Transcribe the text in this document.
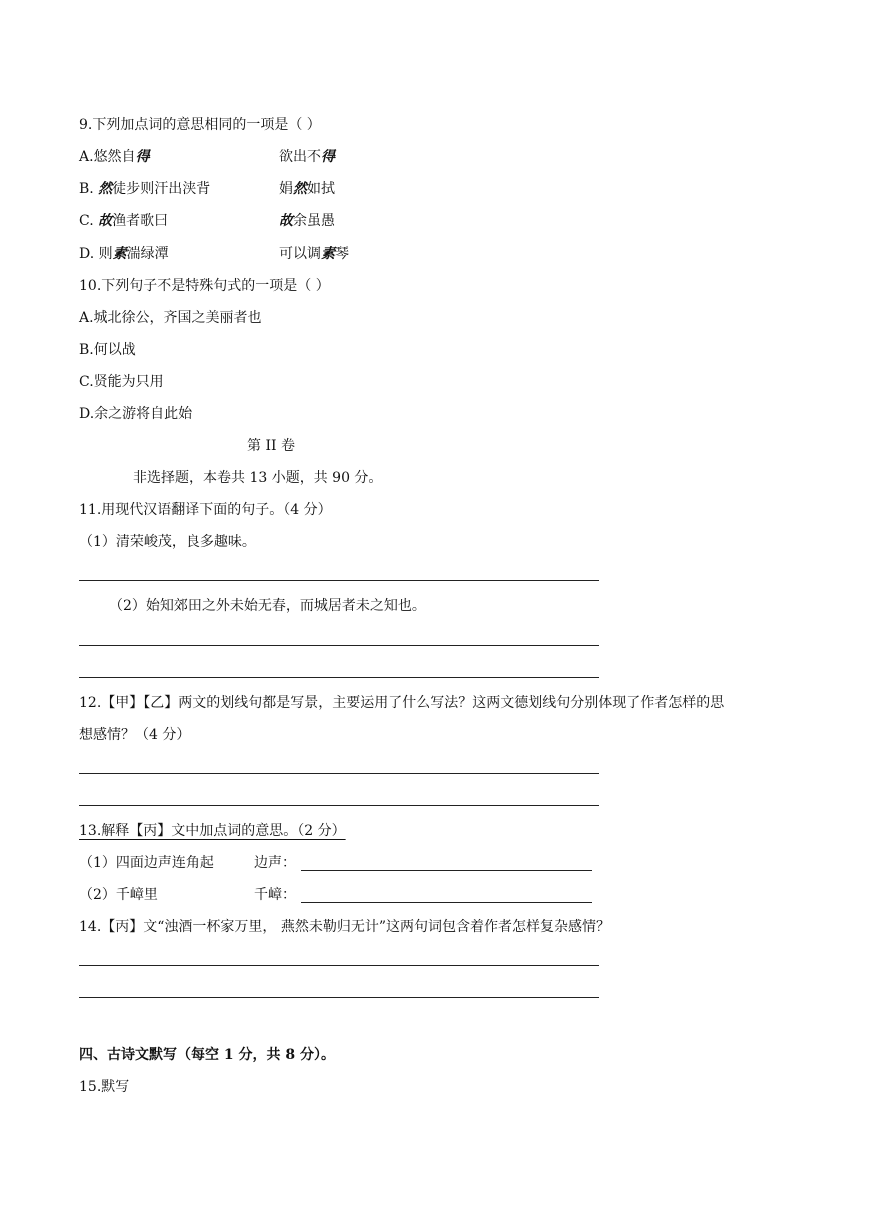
9.下列加点词的意思相同的一项是（ ）
A.悠然自得	欲出不得
B. 然徒步则汗出浃背	娟然如拭
C. 故渔者歌曰	故余虽愚
D. 则素湍绿潭	可以调素琴
10.下列句子不是特殊句式的一项是（ ）
A.城北徐公，齐国之美丽者也
B.何以战
C.贤能为只用
D.余之游将自此始
第 II 卷
非选择题，本卷共 13 小题，共 90 分。
11.用现代汉语翻译下面的句子。（4 分）
（1）清荣峻茂，良多趣味。
（2）始知郊田之外未始无春，而城居者未之知也。
12.【甲】【乙】两文的划线句都是写景，主要运用了什么写法？这两文德划线句分别体现了作者怎样的思
想感情？（4 分）
13.解释【丙】文中加点词的意思。（2 分）
（1）四面边声连角起	边声：
（2）千嶂里	千嶂：
14.【丙】文“浊酒一杯家万里， 燕然未勒归无计”这两句词包含着作者怎样复杂感情？
四、古诗文默写（每空 1 分，共 8 分）。
15.默写
